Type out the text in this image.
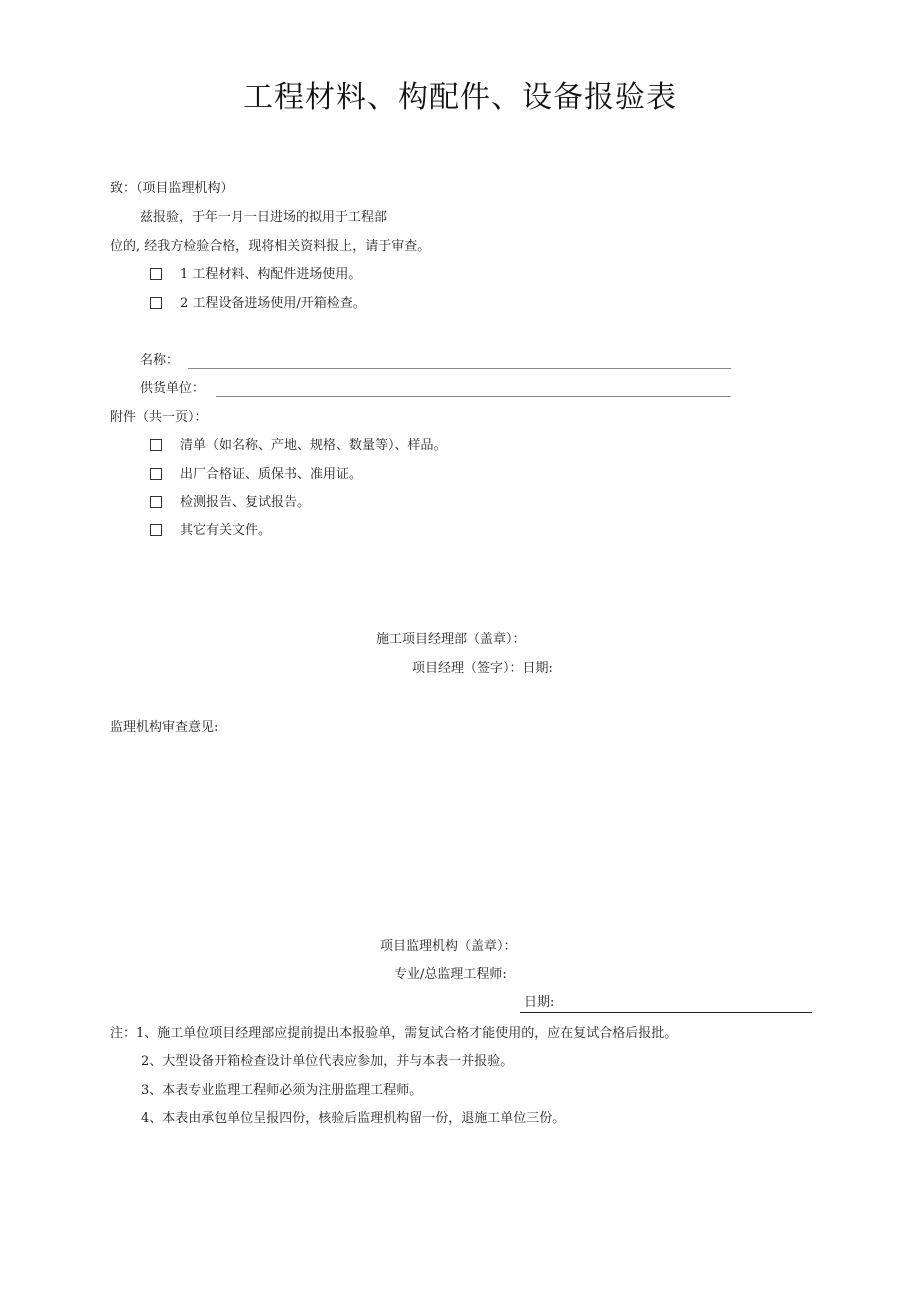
工程材料、构配件、设备报验表
致：（项目监理机构）
兹报验，于年一月一日进场的拟用于工程部
位的, 经我方检验合格，现将相关资料报上，请于审查。
1 工程材料、构配件进场使用。
2 工程设备进场使用/开箱检查。
名称：
供货单位：
附件（共一页）：
清单（如名称、产地、规格、数量等）、样品。
出厂合格证、质保书、准用证。
检测报告、复试报告。
其它有关文件。
施工项目经理部（盖章）：
项目经理（签字）：日期:
监理机构审查意见:
项目监理机构（盖章）：
专业/总监理工程师:
日期:
注：1、施工单位项目经理部应提前提出本报验单，需复试合格才能使用的，应在复试合格后报批。
2、大型设备开箱检查设计单位代表应参加，并与本表一并报验。
3、本表专业监理工程师必须为注册监理工程师。
4、本表由承包单位呈报四份，核验后监理机构留一份，退施工单位三份。
